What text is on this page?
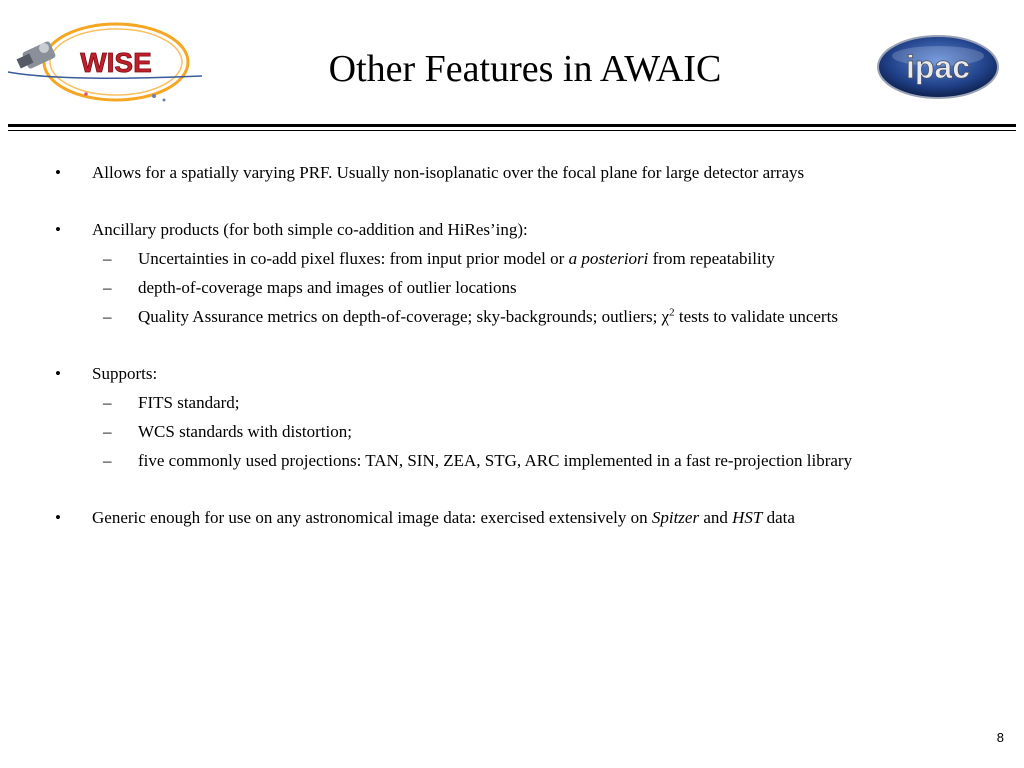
WISE	Other Features in AWAIC	ipac
• Allows for a spatially varying PRF. Usually non-isoplanatic over the focal plane for large detector arrays
• Ancillary products (for both simple co-addition and HiRes’ing):
– Uncertainties in co-add pixel fluxes: from input prior model or a posteriori from repeatability
– depth-of-coverage maps and images of outlier locations
– Quality Assurance metrics on depth-of-coverage; sky-backgrounds; outliers; $\chi^2$ tests to validate uncerts
• Supports:
– FITS standard;
– WCS standards with distortion;
– five commonly used projections: TAN, SIN, ZEA, STG, ARC implemented in a fast re-projection library
• Generic enough for use on any astronomical image data: exercised extensively on Spitzer and HST data
8
